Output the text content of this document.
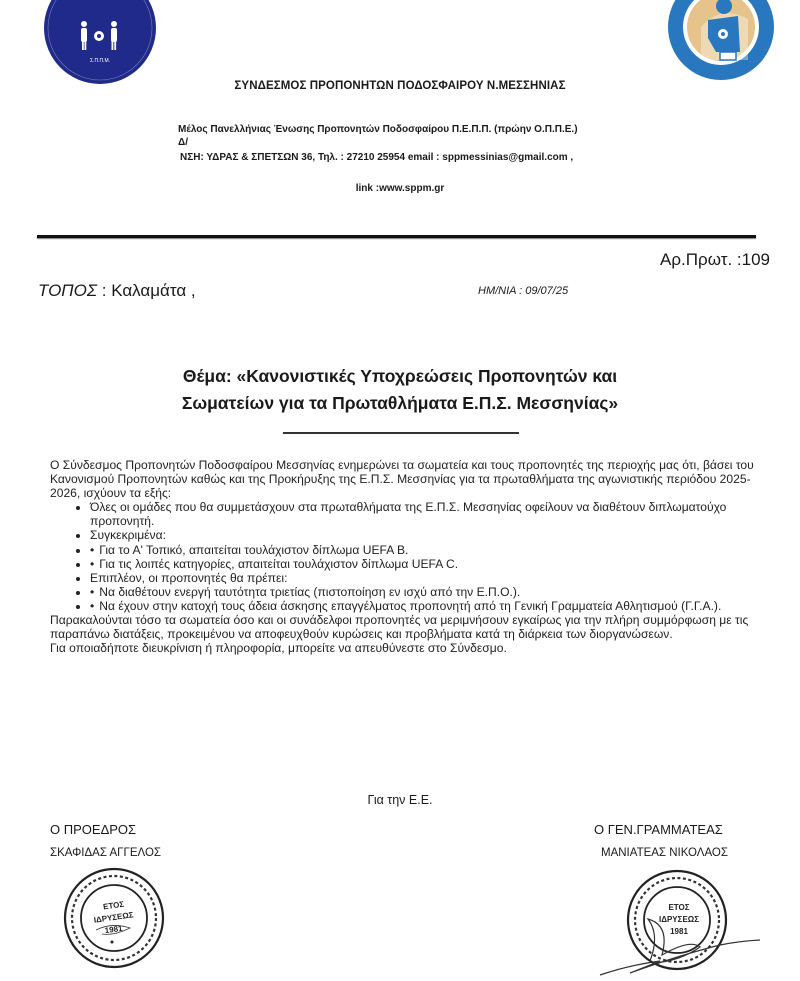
Σ.Π.Π.Μ.
ΣΥΝΔΕΣΜΟΣ ΠΡΟΠΟΝΗΤΩΝ ΠΟΔΟΣΦΑΙΡΟΥ Ν.ΜΕΣΣΗΝΙΑΣ
Μέλος Πανελλήνιας Ένωσης Προπονητών Ποδοσφαίρου Π.Ε.Π.Π. (πρώην Ο.Π.Π.Ε.)
Δ/
ΝΣΗ: ΥΔΡΑΣ & ΣΠΕΤΣΩΝ 36, Τηλ. : 27210 25954 email : sppmessinias@gmail.com ,
link :www.sppm.gr
Αρ.Πρωτ. :109
ΤΟΠΟΣ : Καλαμάτα ,	ΗΜ/ΝΙΑ : 09/07/25
Θέμα: «Κανονιστικές Υποχρεώσεις Προπονητών και
Σωματείων για τα Πρωταθλήματα Ε.Π.Σ. Μεσσηνίας»

Ο Σύνδεσμος Προπονητών Ποδοσφαίρου Μεσσηνίας ενημερώνει τα σωματεία και τους προπονητές της περιοχής μας ότι, βάσει του Κανονισμού Προπονητών καθώς και της Προκήρυξης της Ε.Π.Σ. Μεσσηνίας για τα πρωταθλήματα της αγωνιστικής περιόδου 2025-2026, ισχύουν τα εξής:

• Όλες οι ομάδες που θα συμμετάσχουν στα πρωταθλήματα της Ε.Π.Σ. Μεσσηνίας οφείλουν να διαθέτουν διπλωματούχο προπονητή.
• Συγκεκριμένα:
• • Για το Α' Τοπικό, απαιτείται τουλάχιστον δίπλωμα UEFA B.
• • Για τις λοιπές κατηγορίες, απαιτείται τουλάχιστον δίπλωμα UEFA C.
• Επιπλέον, οι προπονητές θα πρέπει:
• • Να διαθέτουν ενεργή ταυτότητα τριετίας (πιστοποίηση εν ισχύ από την Ε.Π.Ο.).
• • Να έχουν στην κατοχή τους άδεια άσκησης επαγγέλματος προπονητή από τη Γενική Γραμματεία Αθλητισμού (Γ.Γ.Α.).

Παρακαλούνται τόσο τα σωματεία όσο και οι συνάδελφοι προπονητές να μεριμνήσουν εγκαίρως για την πλήρη συμμόρφωση με τις παραπάνω διατάξεις, προκειμένου να αποφευχθούν κυρώσεις και προβλήματα κατά τη διάρκεια των διοργανώσεων.

Για οποιαδήποτε διευκρίνιση ή πληροφορία, μπορείτε να απευθύνεστε στο Σύνδεσμο.

Για την Ε.Ε.
Ο ΠΡΟΕΔΡΟΣ
ΣΚΑΦΙΔΑΣ ΑΓΓΕΛΟΣ
Ο ΓΕΝ.ΓΡΑΜΜΑΤΕΑΣ
ΜΑΝΙΑΤΕΑΣ ΝΙΚΟΛΑΟΣ
ΕΤΟΣ
ΙΔΡΥΣΕΩΣ
1981
ΕΤΟΣ
ΙΔΡΥΣΕΩΣ
1981
